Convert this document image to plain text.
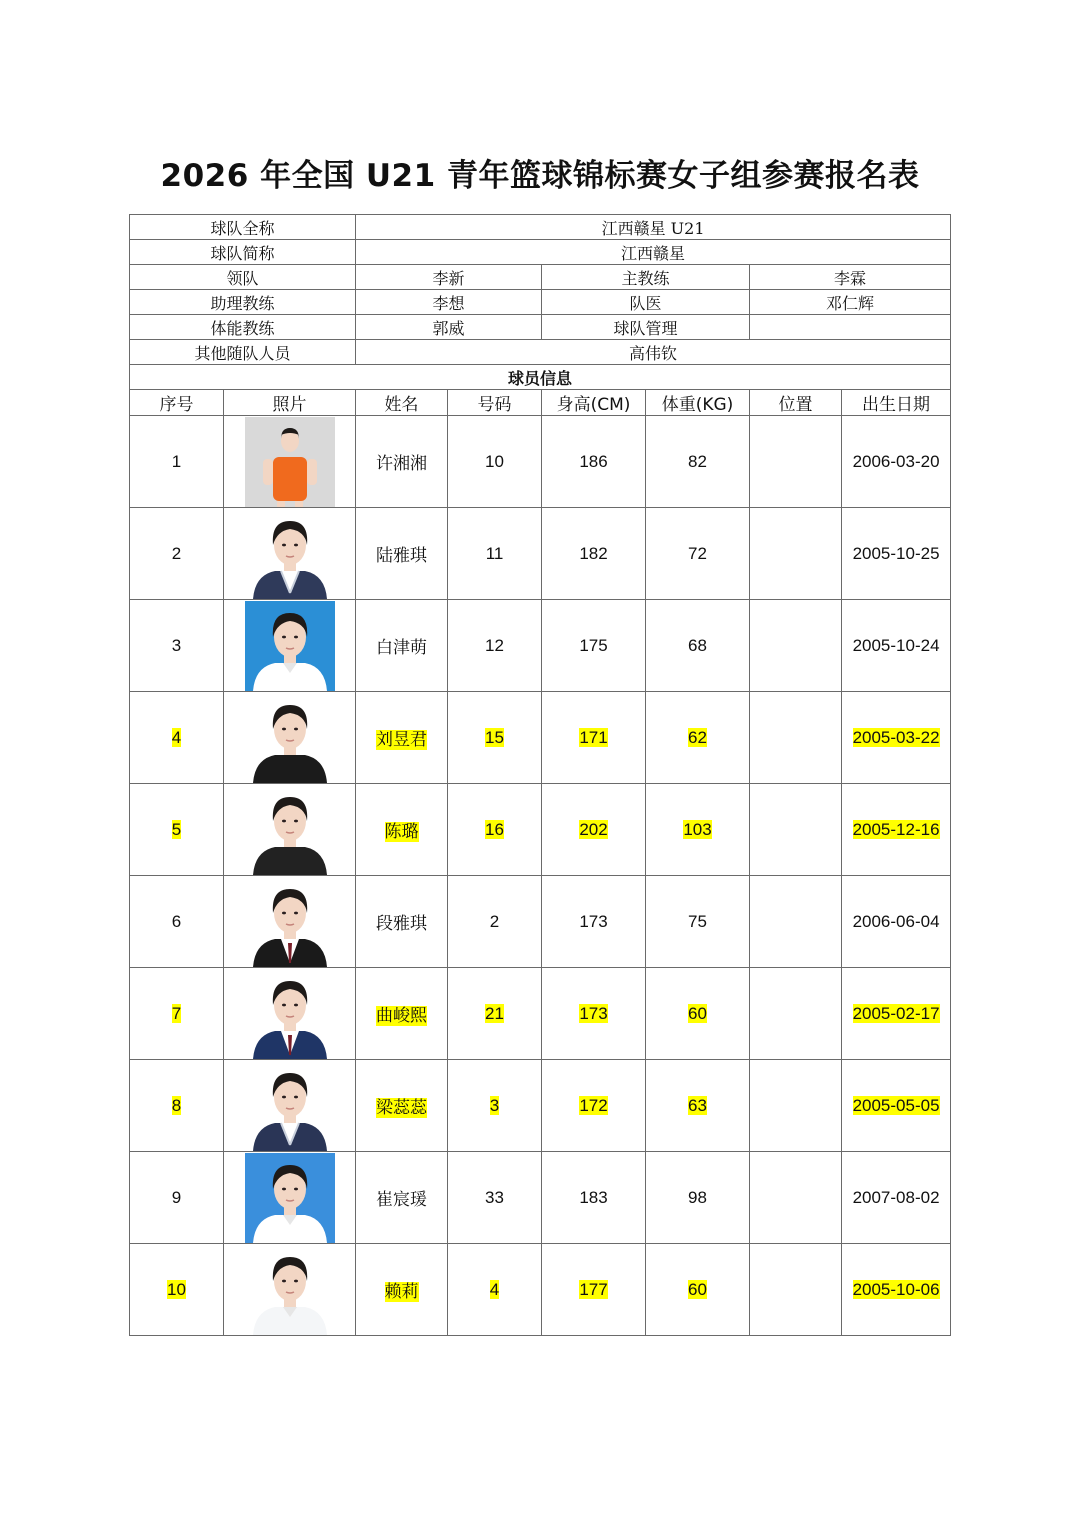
2026 年全国 U21 青年篮球锦标赛女子组参赛报名表
球队全称		江西赣星 U21					
球队简称		江西赣星					
领队		李新		主教练		李霖	
助理教练		李想		队医		邓仁辉	
体能教练		郭威		球队管理			
其他随队人员		高伟钦					
球员信息							
序号	照片	姓名	号码	身高(CM)	体重(KG)	位置	出生日期
1		许湘湘	10	186	82		2006-03-20
2		陆雅琪	11	182	72		2005-10-25
3		白津萌	12	175	68		2005-10-24
4		刘昱君	15	171	62		2005-03-22
5		陈璐	16	202	103		2005-12-16
6		段雅琪	2	173	75		2006-06-04
7		曲峻熙	21	173	60		2005-02-17
8		梁蕊蕊	3	172	63		2005-05-05
9		崔宸瑗	33	183	98		2007-08-02
10		赖莉	4	177	60		2005-10-06
